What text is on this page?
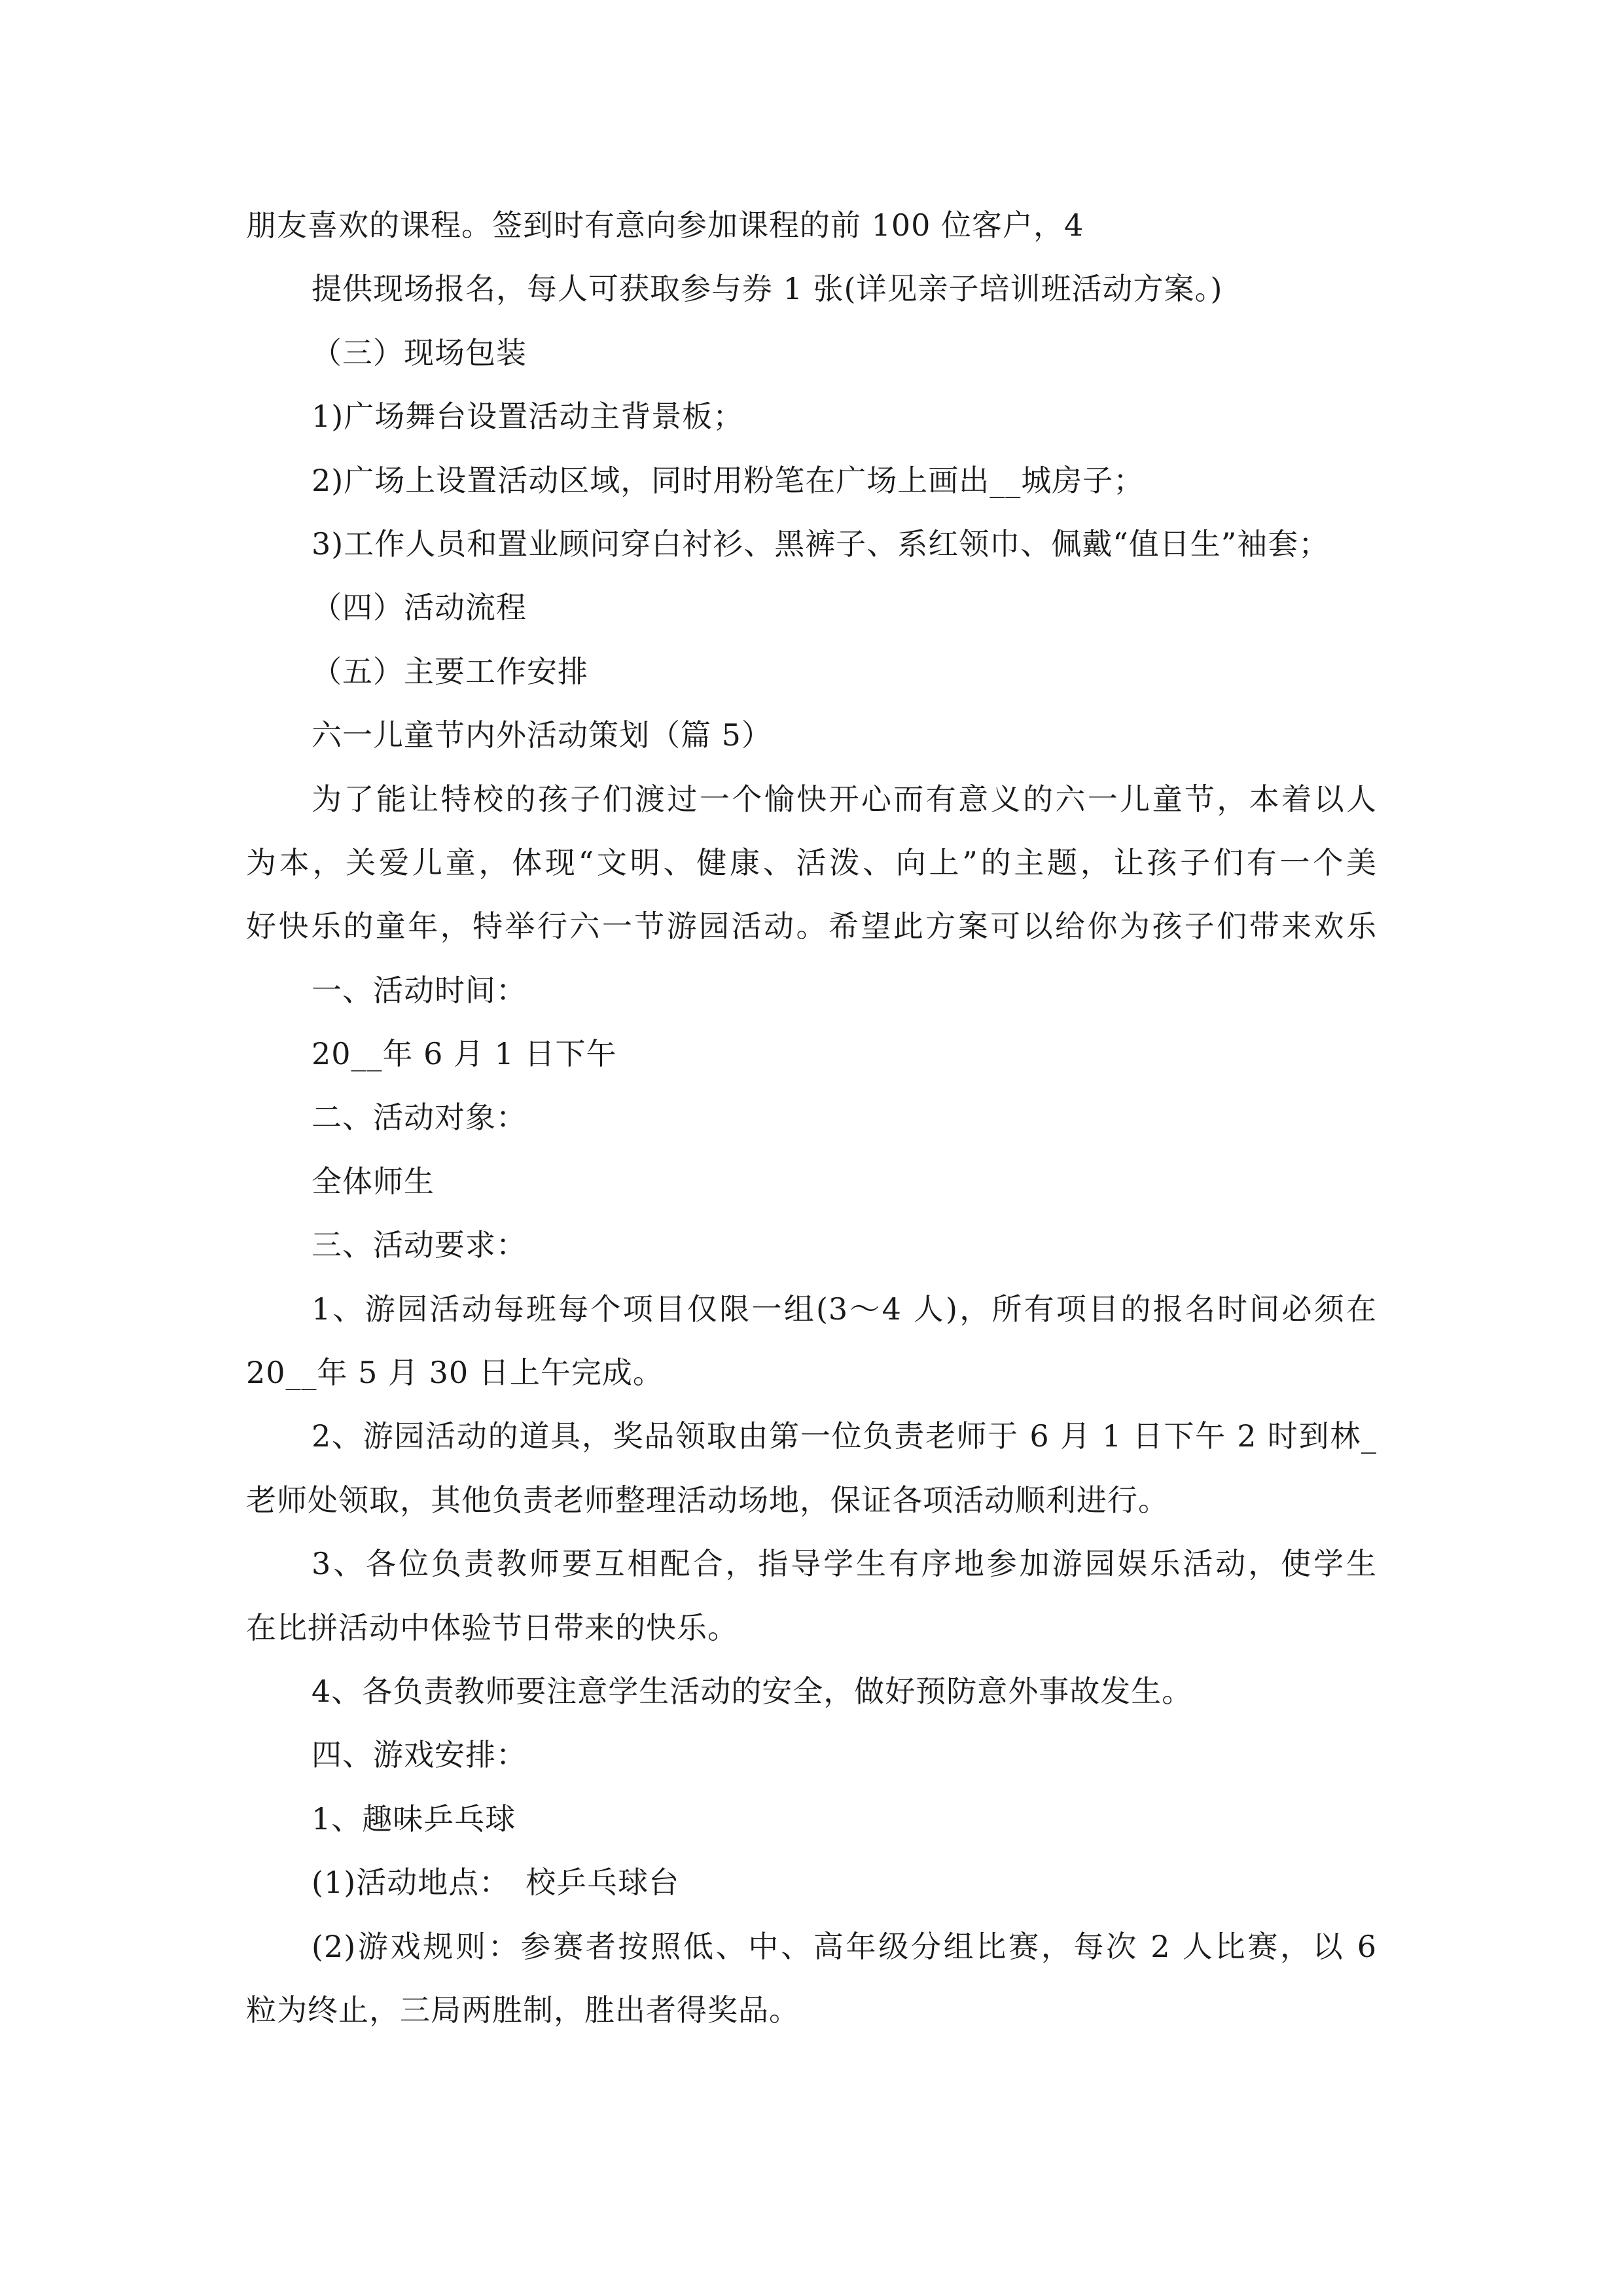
朋友喜欢的课程。签到时有意向参加课程的前 100 位客户，4
提供现场报名，每人可获取参与券 1 张(详见亲子培训班活动方案。)
（三）现场包装
1)广场舞台设置活动主背景板；
2)广场上设置活动区域，同时用粉笔在广场上画出__城房子；
3)工作人员和置业顾问穿白衬衫、黑裤子、系红领巾、佩戴“值日生”袖套；
（四）活动流程
（五）主要工作安排
六一儿童节内外活动策划（篇 5）
为了能让特校的孩子们渡过一个愉快开心而有意义的六一儿童节，本着以人
为本，关爱儿童，体现“文明、健康、活泼、向上”的主题，让孩子们有一个美
好快乐的童年，特举行六一节游园活动。希望此方案可以给你为孩子们带来欢乐
一、活动时间：
20__年 6 月 1 日下午
二、活动对象：
全体师生
三、活动要求：
1、游园活动每班每个项目仅限一组(3～4 人)，所有项目的报名时间必须在
20__年 5 月 30 日上午完成。
2、游园活动的道具，奖品领取由第一位负责老师于 6 月 1 日下午 2 时到林_
老师处领取，其他负责老师整理活动场地，保证各项活动顺利进行。
3、各位负责教师要互相配合，指导学生有序地参加游园娱乐活动，使学生
在比拼活动中体验节日带来的快乐。
4、各负责教师要注意学生活动的安全，做好预防意外事故发生。
四、游戏安排：
1、趣味乒乓球
(1)活动地点：　校乒乓球台
(2)游戏规则：参赛者按照低、中、高年级分组比赛，每次 2 人比赛，以 6
粒为终止，三局两胜制，胜出者得奖品。
